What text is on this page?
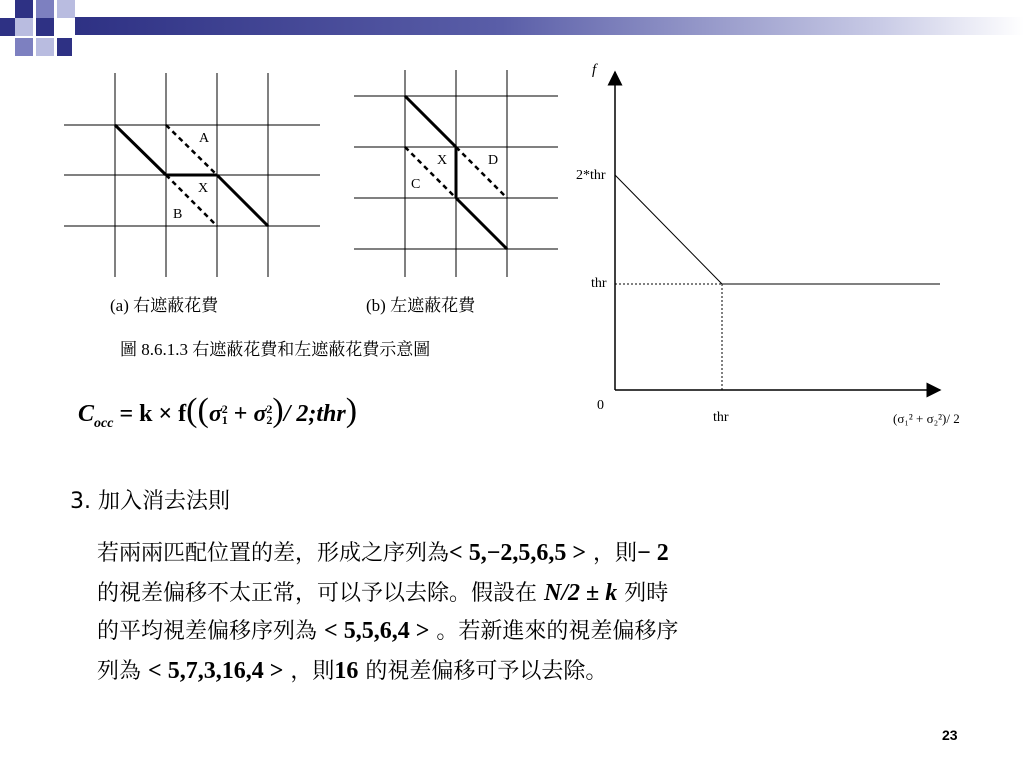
A
X
B
(a) 右遮蔽花費
X	D
C
(b) 左遮蔽花費
圖 8.6.1.3 右遮蔽花費和左遮蔽花費示意圖
$C_{occ} = k \times f((\sigma 2$
1 + σ2
2)/ 2;thr)
f
2*thr
thr
0
thr	(σ₁² + σ₂²)/ 2
3. 加入消去法則
若兩兩匹配位置的差，形成之序列為< 5,−2,5,6,5 > ，則− 2
的視差偏移不太正常，可以予以去除。假設在 N/2 ± k 列時
的平均視差偏移序列為 < 5,5,6,4 > 。若新進來的視差偏移序
列為 < 5,7,3,16,4 > ，則16 的視差偏移可予以去除。
23
